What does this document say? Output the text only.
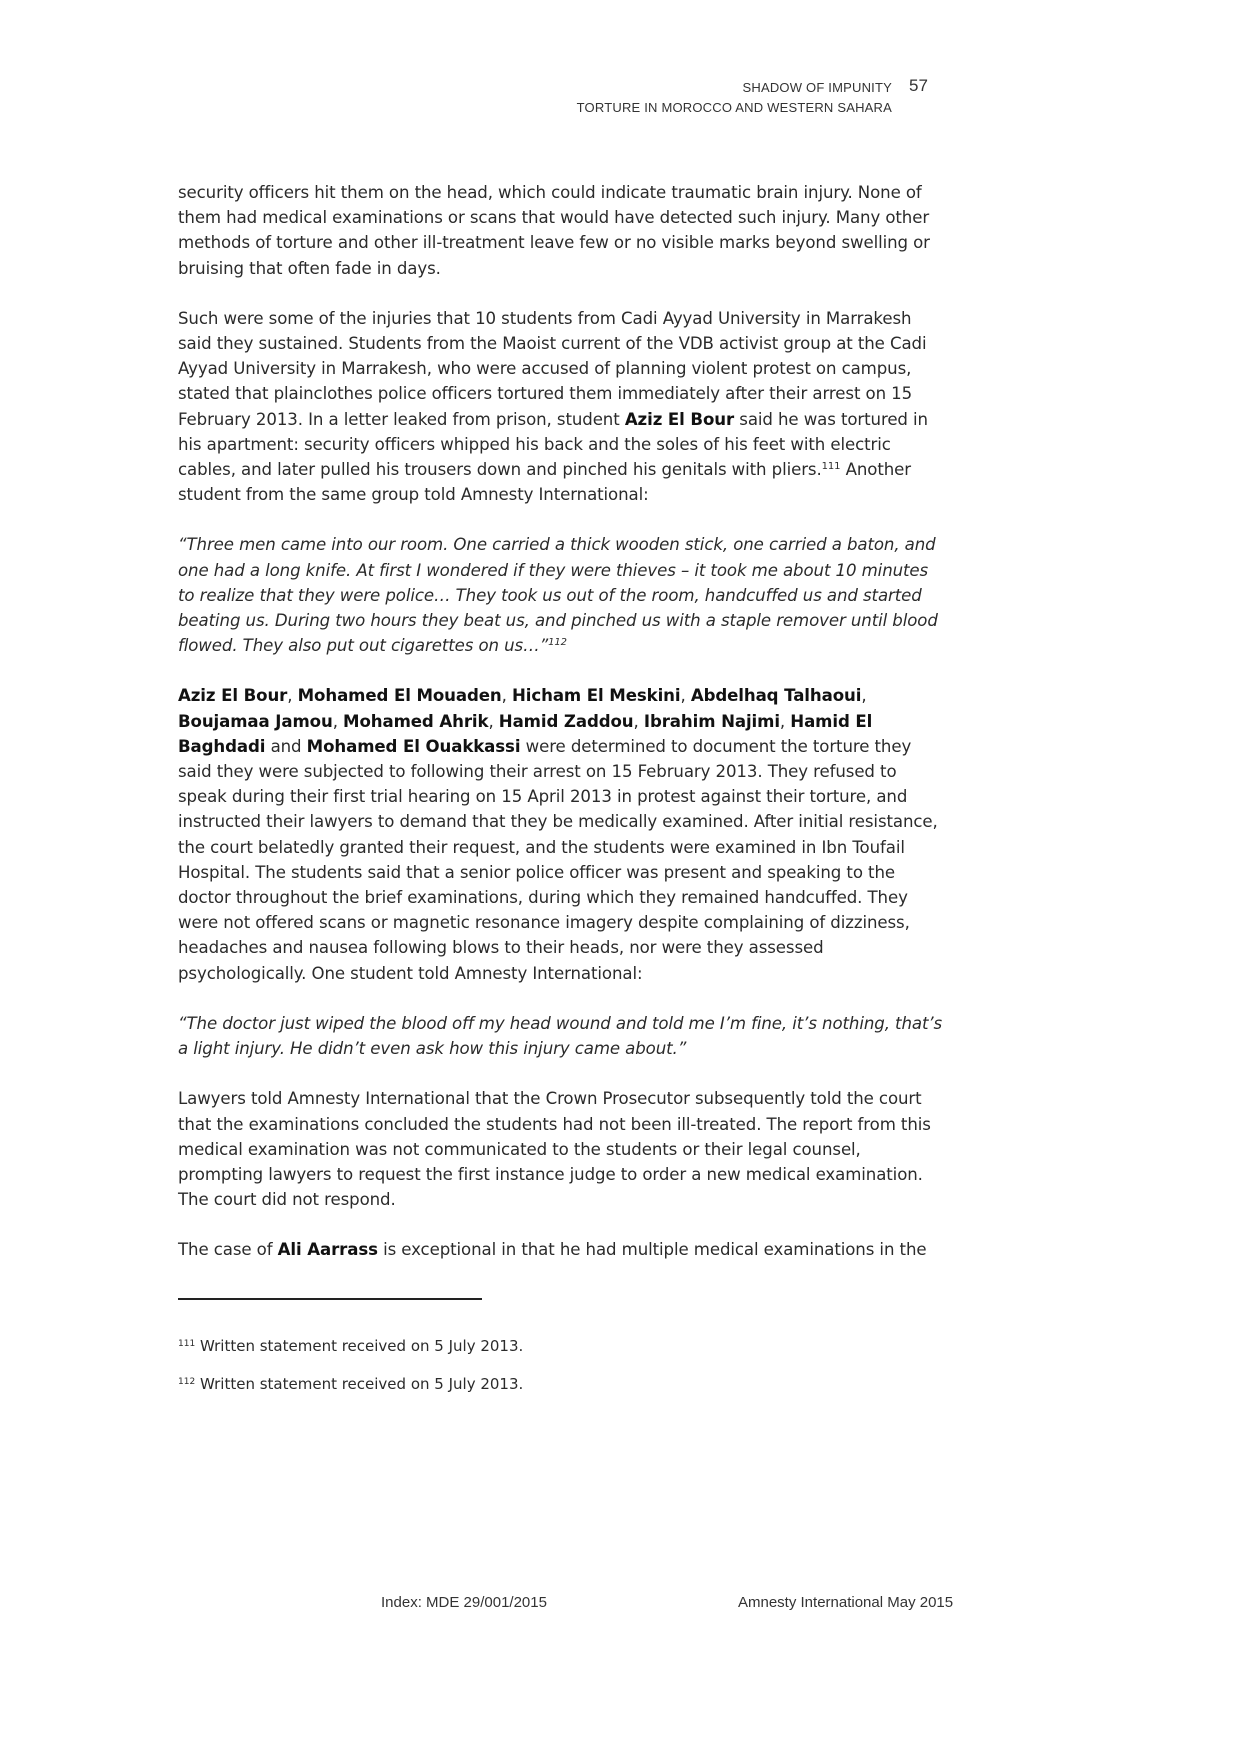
SHADOW OF IMPUNITY
TORTURE IN MOROCCO AND WESTERN SAHARA
57

security officers hit them on the head, which could indicate traumatic brain injury. None of them had medical examinations or scans that would have detected such injury. Many other methods of torture and other ill-treatment leave few or no visible marks beyond swelling or bruising that often fade in days.

Such were some of the injuries that 10 students from Cadi Ayyad University in Marrakesh said they sustained. Students from the Maoist current of the VDB activist group at the Cadi Ayyad University in Marrakesh, who were accused of planning violent protest on campus, stated that plainclothes police officers tortured them immediately after their arrest on 15 February 2013. In a letter leaked from prison, student Aziz El Bour said he was tortured in his apartment: security officers whipped his back and the soles of his feet with electric cables, and later pulled his trousers down and pinched his genitals with pliers.$^{111}$ Another student from the same group told Amnesty International:

“Three men came into our room. One carried a thick wooden stick, one carried a baton, and one had a long knife. At first I wondered if they were thieves – it took me about 10 minutes to realize that they were police… They took us out of the room, handcuffed us and started beating us. During two hours they beat us, and pinched us with a staple remover until blood flowed. They also put out cigarettes on us…”$^{112}$

Aziz El Bour, Mohamed El Mouaden, Hicham El Meskini, Abdelhaq Talhaoui, Boujamaa Jamou, Mohamed Ahrik, Hamid Zaddou, Ibrahim Najimi, Hamid El Baghdadi and Mohamed El Ouakkassi were determined to document the torture they said they were subjected to following their arrest on 15 February 2013. They refused to speak during their first trial hearing on 15 April 2013 in protest against their torture, and instructed their lawyers to demand that they be medically examined. After initial resistance, the court belatedly granted their request, and the students were examined in Ibn Toufail Hospital. The students said that a senior police officer was present and speaking to the doctor throughout the brief examinations, during which they remained handcuffed. They were not offered scans or magnetic resonance imagery despite complaining of dizziness, headaches and nausea following blows to their heads, nor were they assessed psychologically. One student told Amnesty International:

“The doctor just wiped the blood off my head wound and told me I’m fine, it’s nothing, that’s a light injury. He didn’t even ask how this injury came about.”

Lawyers told Amnesty International that the Crown Prosecutor subsequently told the court that the examinations concluded the students had not been ill-treated. The report from this medical examination was not communicated to the students or their legal counsel, prompting lawyers to request the first instance judge to order a new medical examination. The court did not respond.

The case of Ali Aarrass is exceptional in that he had multiple medical examinations in the

$^{111}$ Written statement received on 5 July 2013.
$^{112}$ Written statement received on 5 July 2013.
Index: MDE 29/001/2015	Amnesty International May 2015
